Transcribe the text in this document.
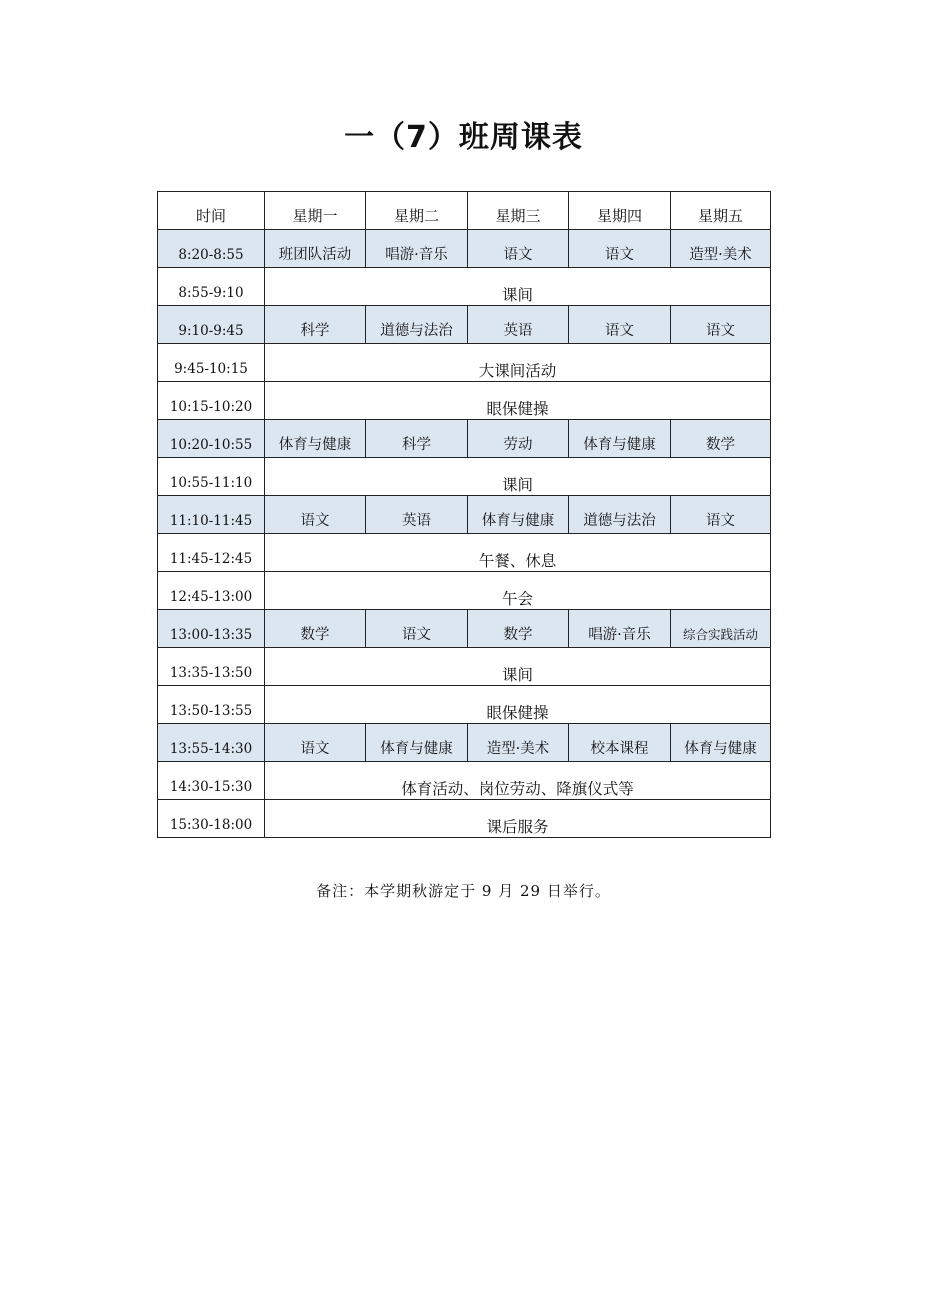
一（7）班周课表
时间	星期一	星期二	星期三	星期四	星期五
8:20-8:55	班团队活动	唱游·音乐	语文	语文	造型·美术
8:55-9:10	课间				
9:10-9:45	科学	道德与法治	英语	语文	语文
9:45-10:15	大课间活动				
10:15-10:20	眼保健操				
10:20-10:55	体育与健康	科学	劳动	体育与健康	数学
10:55-11:10	课间				
11:10-11:45	语文	英语	体育与健康	道德与法治	语文
11:45-12:45	午餐、休息				
12:45-13:00	午会				
13:00-13:35	数学	语文	数学	唱游·音乐	综合实践活动
13:35-13:50	课间				
13:50-13:55	眼保健操				
13:55-14:30	语文	体育与健康	造型·美术	校本课程	体育与健康
14:30-15:30	体育活动、岗位劳动、降旗仪式等				
15:30-18:00	课后服务				
备注：本学期秋游定于 9 月 29 日举行。
